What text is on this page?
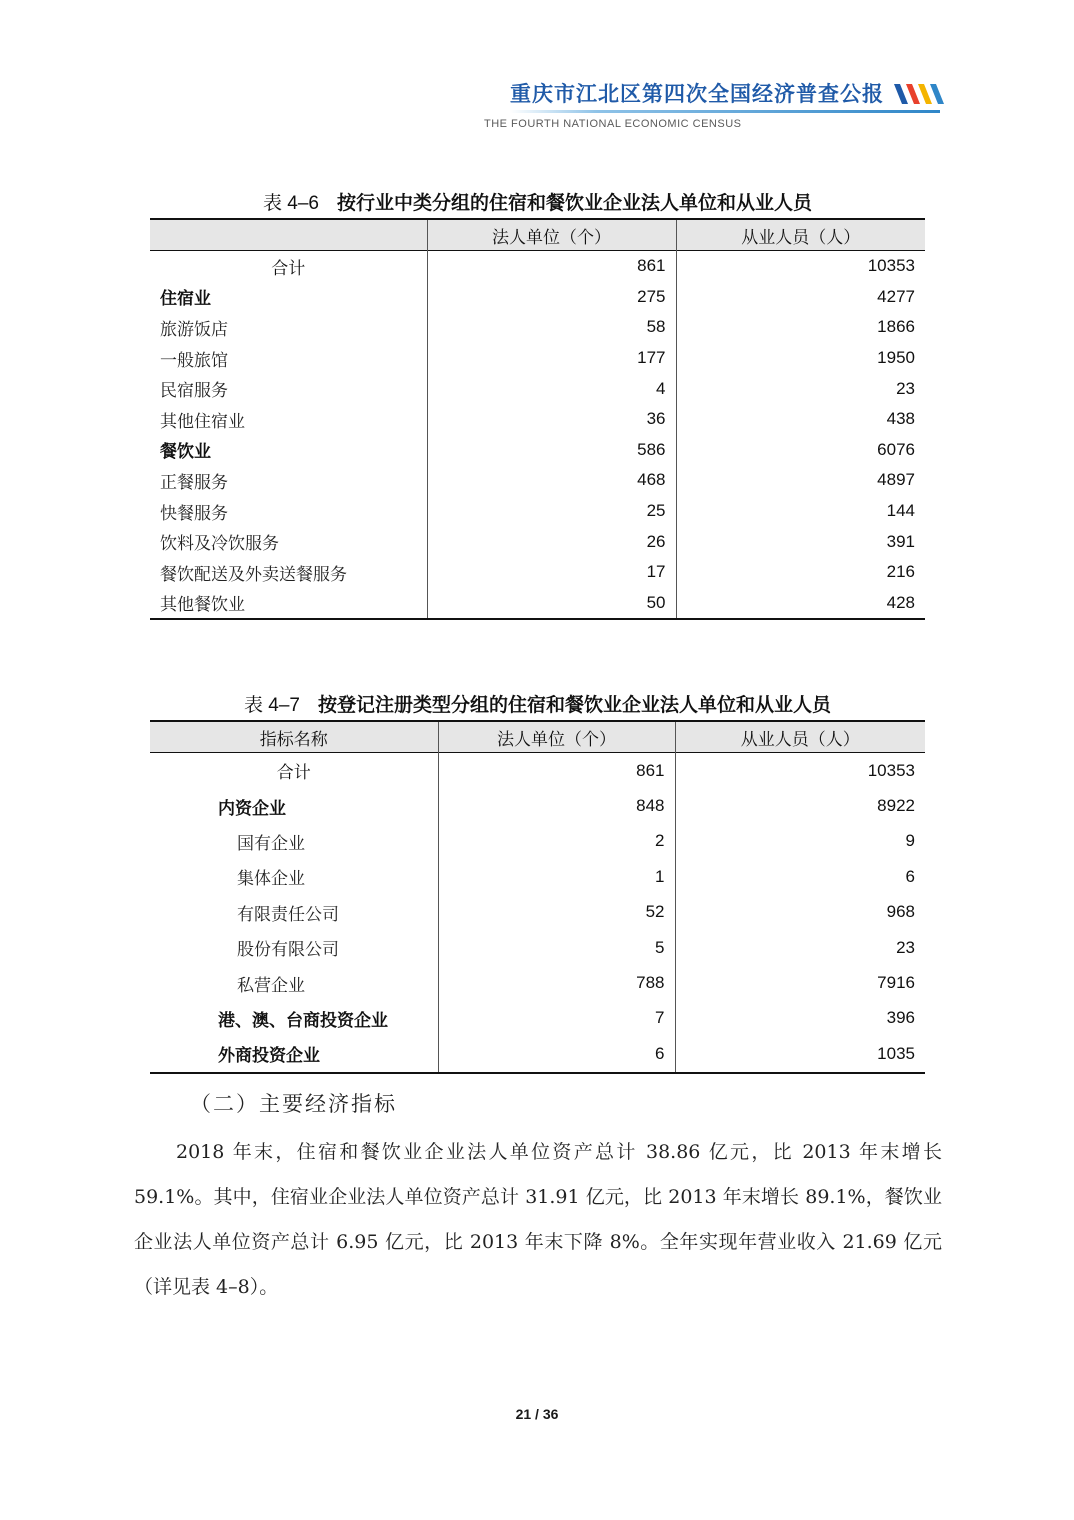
重庆市江北区第四次全国经济普查公报
THE FOURTH NATIONAL ECONOMIC CENSUS
表 4–6 按行业中类分组的住宿和餐饮业企业法人单位和从业人员
	法人单位（个）	从业人员（人）
合计	861	10353
住宿业	275	4277
旅游饭店	58	1866
一般旅馆	177	1950
民宿服务	4	23
其他住宿业	36	438
餐饮业	586	6076
正餐服务	468	4897
快餐服务	25	144
饮料及冷饮服务	26	391
餐饮配送及外卖送餐服务	17	216
其他餐饮业	50	428
表 4–7 按登记注册类型分组的住宿和餐饮业企业法人单位和从业人员
指标名称	法人单位（个）	从业人员（人）
合计	861	10353
内资企业	848	8922
国有企业	2	9
集体企业	1	6
有限责任公司	52	968
股份有限公司	5	23
私营企业	788	7916
港、澳、台商投资企业	7	396
外商投资企业	6	1035
（二）主要经济指标

2018 年末，住宿和餐饮业企业法人单位资产总计 38.86 亿元，比 2013 年末增长 59.1%。其中，住宿业企业法人单位资产总计 31.91 亿元，比 2013 年末增长 89.1%，餐饮业企业法人单位资产总计 6.95 亿元，比 2013 年末下降 8%。全年实现年营业收入 21.69 亿元（详见表 4–8）。

21 / 36
